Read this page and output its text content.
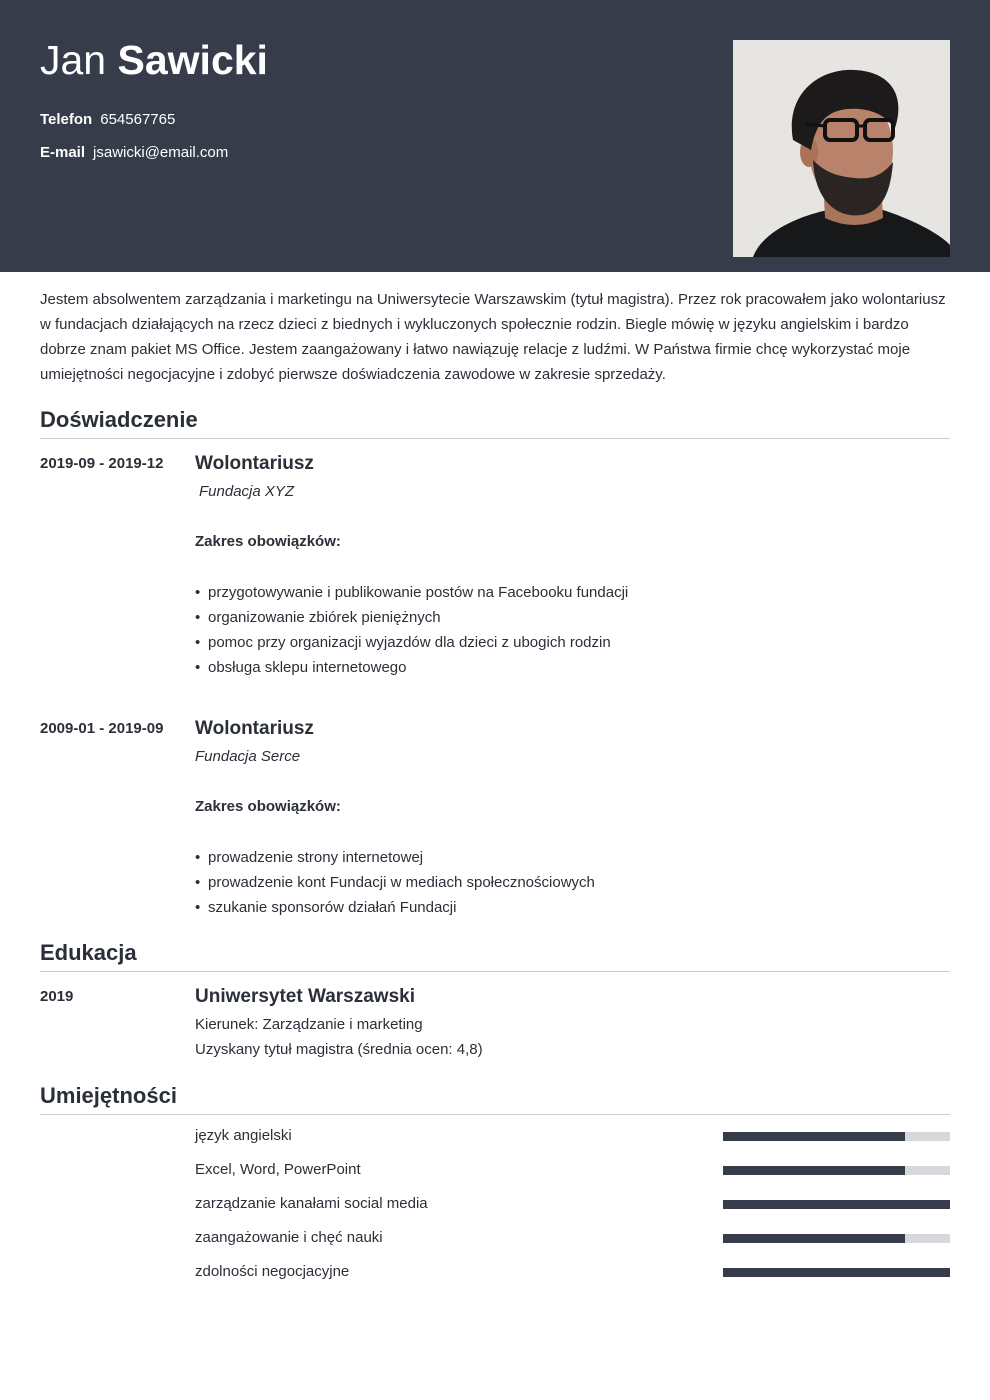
Jan Sawicki
Telefon 654567765
E-mail jsawicki@email.com

Jestem absolwentem zarządzania i marketingu na Uniwersytecie Warszawskim (tytuł magistra). Przez rok pracowałem jako wolontariusz w fundacjach działających na rzecz dzieci z biednych i wykluczonych społecznie rodzin. Biegle mówię w języku angielskim i bardzo dobrze znam pakiet MS Office. Jestem zaangażowany i łatwo nawiązuję relacje z ludźmi. W Państwa firmie chcę wykorzystać moje umiejętności negocjacyjne i zdobyć pierwsze doświadczenia zawodowe w zakresie sprzedaży.

Doświadczenie
2019-09 - 2019-12 Wolontariusz
Fundacja XYZ
Zakres obowiązków:
• przygotowywanie i publikowanie postów na Facebooku fundacji
• organizowanie zbiórek pieniężnych
• pomoc przy organizacji wyjazdów dla dzieci z ubogich rodzin
• obsługa sklepu internetowego
2009-01 - 2019-09 Wolontariusz
Fundacja Serce
Zakres obowiązków:
• prowadzenie strony internetowej
• prowadzenie kont Fundacji w mediach społecznościowych
• szukanie sponsorów działań Fundacji
Edukacja
2019	Uniwersytet Warszawski
Kierunek: Zarządzanie i marketing
Uzyskany tytuł magistra (średnia ocen: 4,8)
Umiejętności
język angielski
Excel, Word, PowerPoint
zarządzanie kanałami social media
zaangażowanie i chęć nauki
zdolności negocjacyjne
